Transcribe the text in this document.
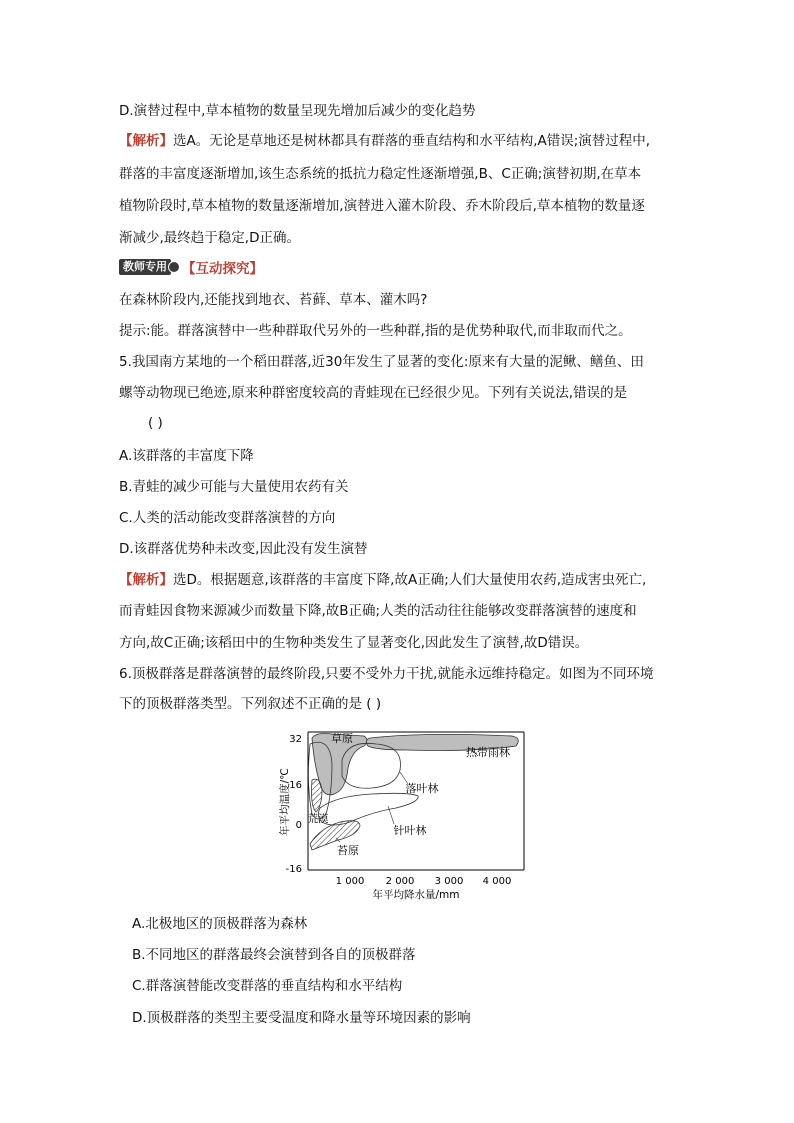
D.演替过程中,草本植物的数量呈现先增加后减少的变化趋势
【解析】选A。无论是草地还是树林都具有群落的垂直结构和水平结构,A错误;演替过程中,
群落的丰富度逐渐增加,该生态系统的抵抗力稳定性逐渐增强,B、C正确;演替初期,在草本
植物阶段时,草本植物的数量逐渐增加,演替进入灌木阶段、乔木阶段后,草本植物的数量逐
渐减少,最终趋于稳定,D正确。
教师专用 【互动探究】
在森林阶段内,还能找到地衣、苔藓、草本、灌木吗?
提示:能。群落演替中一些种群取代另外的一些种群,指的是优势种取代,而非取而代之。
5.我国南方某地的一个稻田群落,近30年发生了显著的变化:原来有大量的泥鳅、鳝鱼、田
螺等动物现已绝迹,原来种群密度较高的青蛙现在已经很少见。下列有关说法,错误的是
( )
A.该群落的丰富度下降
B.青蛙的减少可能与大量使用农药有关
C.人类的活动能改变群落演替的方向
D.该群落优势种未改变,因此没有发生演替
【解析】选D。根据题意,该群落的丰富度下降,故A正确;人们大量使用农药,造成害虫死亡,
而青蛙因食物来源减少而数量下降,故B正确;人类的活动往往能够改变群落演替的速度和
方向,故C正确;该稻田中的生物种类发生了显著变化,因此发生了演替,故D错误。
6.顶极群落是群落演替的最终阶段,只要不受外力干扰,就能永远维持稳定。如图为不同环境
下的顶极群落类型。下列叙述不正确的是 ( )
32
16
0
-16
1 000 2 000 3 000 4 000
年平均降水量/mm
年平均温度/℃
草原
热带雨林
落叶林
荒漠
针叶林
苔原
A.北极地区的顶极群落为森林
B.不同地区的群落最终会演替到各自的顶极群落
C.群落演替能改变群落的垂直结构和水平结构
D.顶极群落的类型主要受温度和降水量等环境因素的影响
